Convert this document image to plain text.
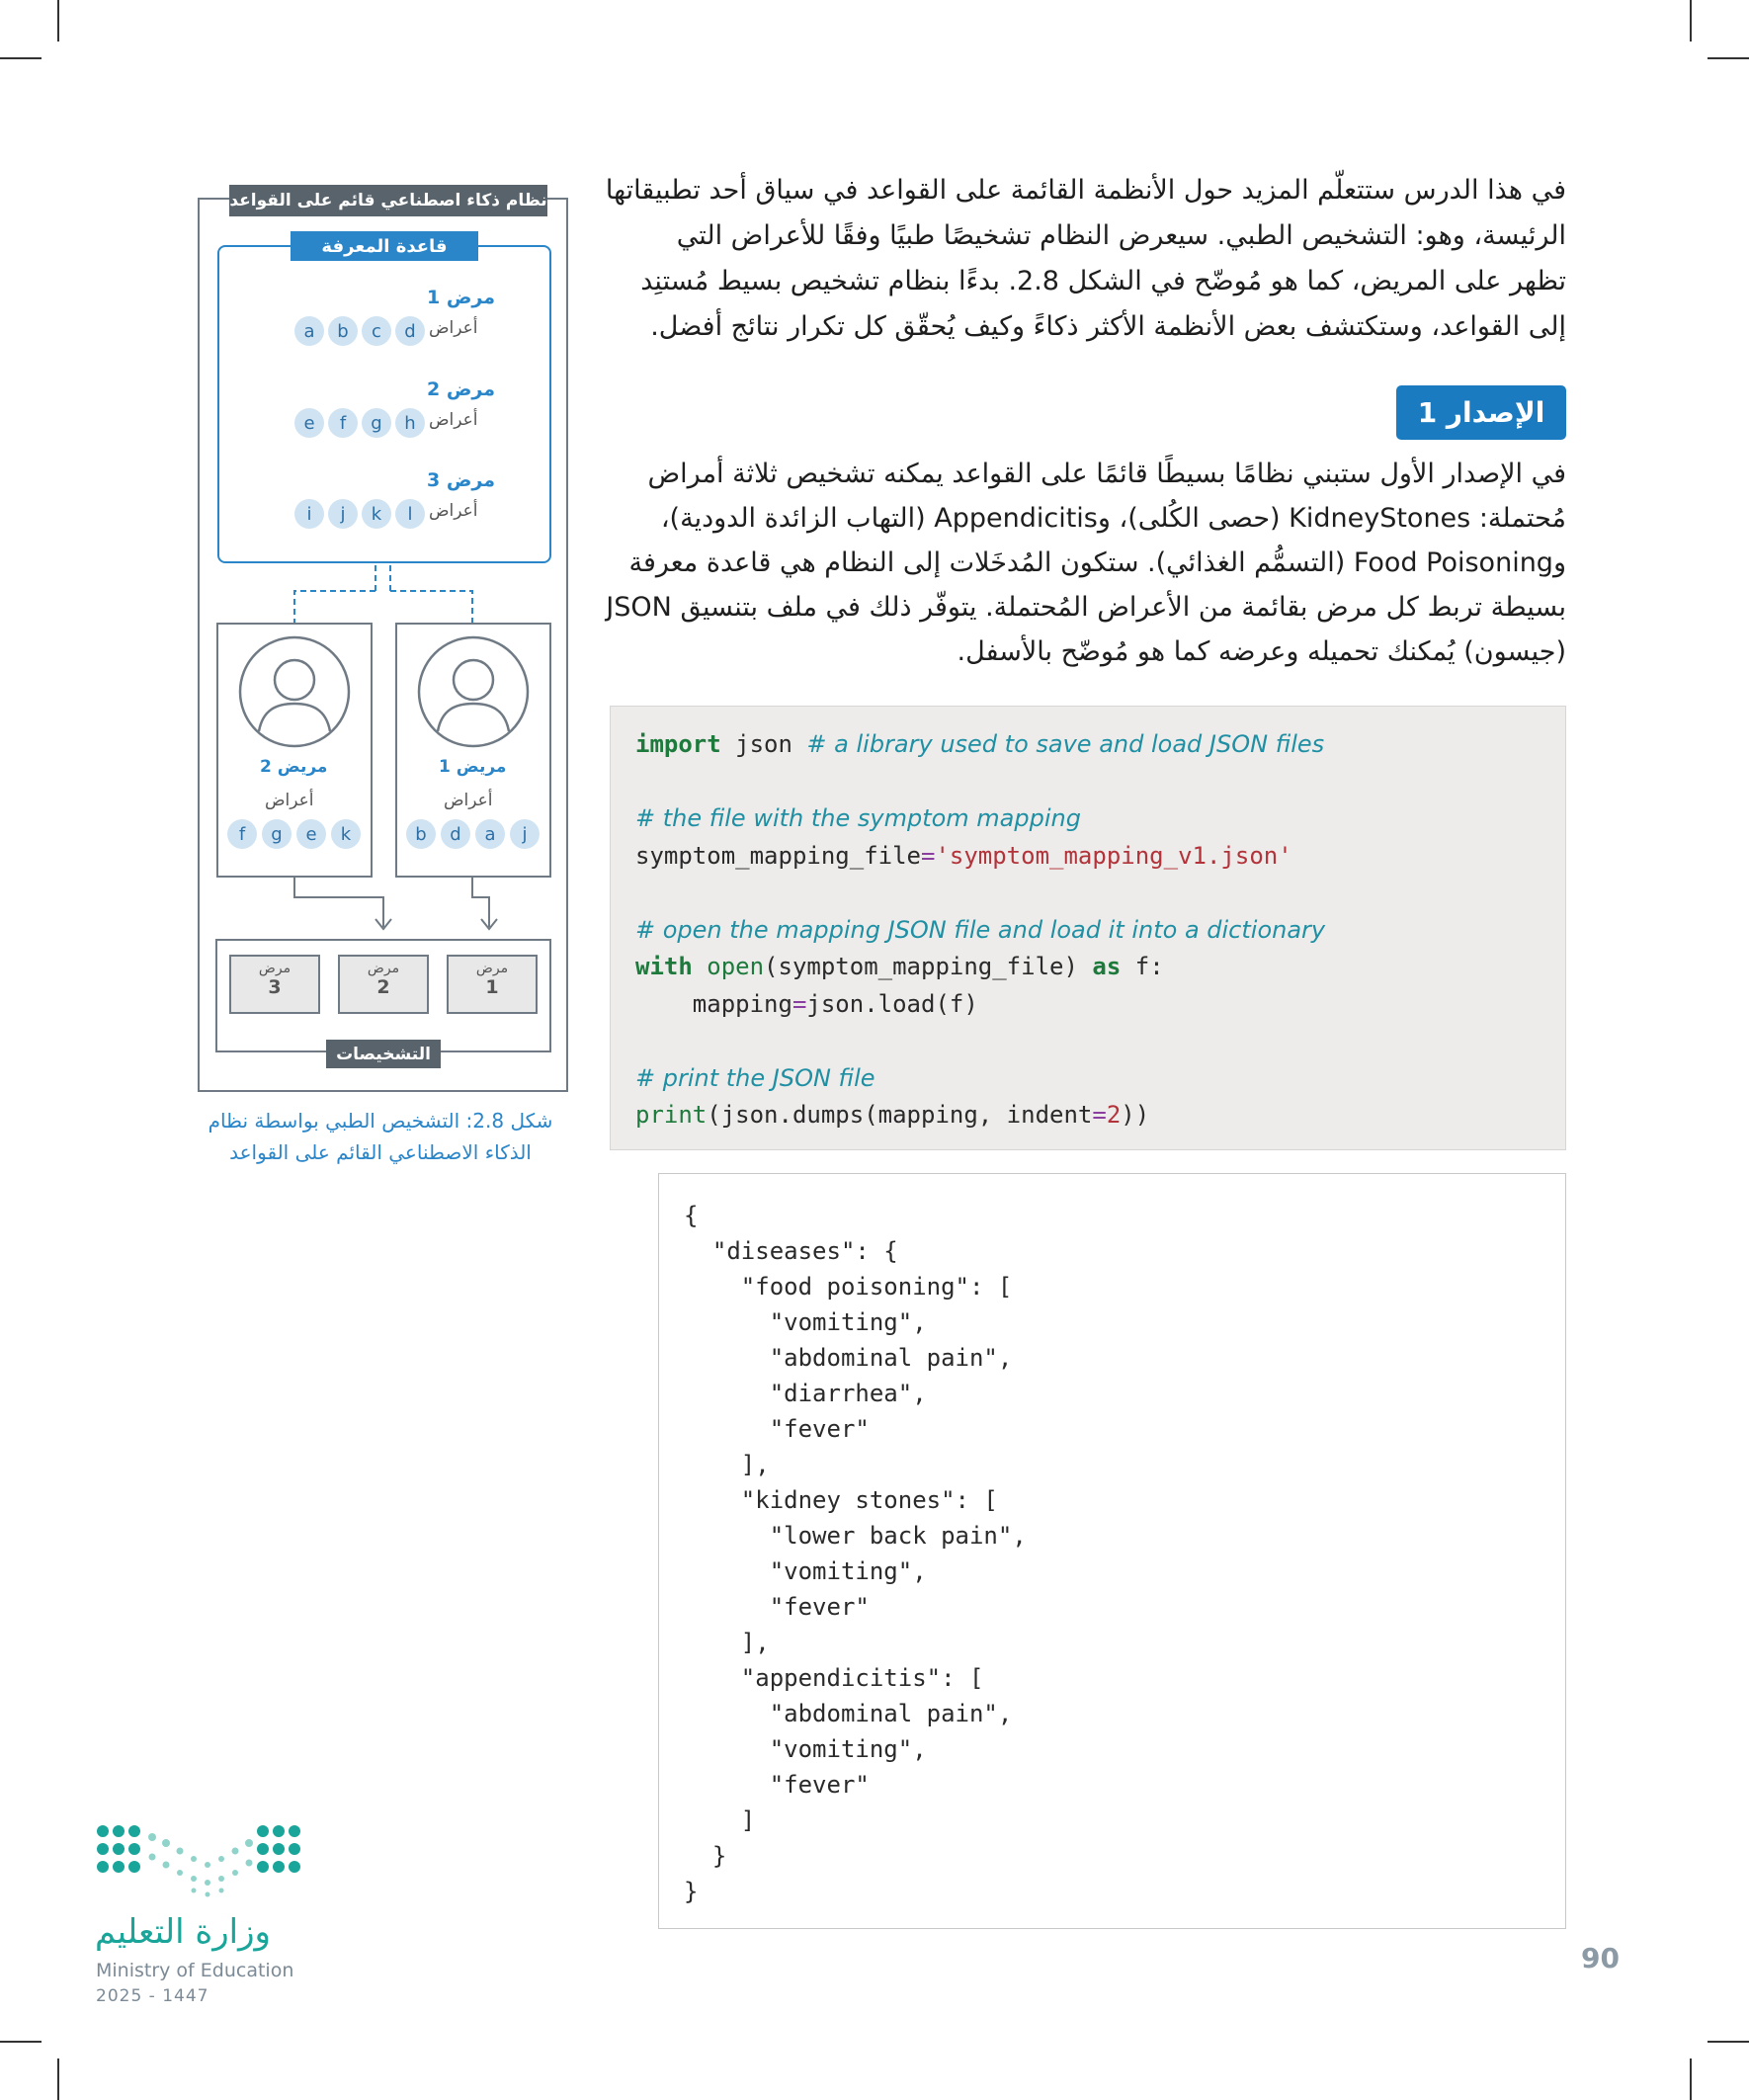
في هذا الدرس ستتعلّم المزيد حول الأنظمة القائمة على القواعد في سياق أحد تطبيقاتها

الرئيسة، وهو: التشخيص الطبي. سيعرض النظام تشخيصًا طبيًا وفقًا للأعراض التي

تظهر على المريض، كما هو مُوضّح في الشكل 2.8. بدءًا بنظام تشخيص بسيط مُستنِد

إلى القواعد، وستكتشف بعض الأنظمة الأكثر ذكاءً وكيف يُحقّق كل تكرار نتائج أفضل.

الإصدار 1

في الإصدار الأول ستبني نظامًا بسيطًا قائمًا على القواعد يمكنه تشخيص ثلاثة أمراض

مُحتملة: KidneyStones (حصى الكُلى)، وAppendicitis (التهاب الزائدة الدودية)،

وFood Poisoning (التسمُّم الغذائي). ستكون المُدخَلات إلى النظام هي قاعدة معرفة

بسيطة تربط كل مرض بقائمة من الأعراض المُحتملة. يتوفّر ذلك في ملف بتنسيق JSON

(جيسون) يُمكنك تحميله وعرضه كما هو مُوضّح بالأسفل.

import json # a library used to save and load JSON files
# the file with the symptom mapping
symptom_mapping_file='symptom_mapping_v1.json'
# open the mapping JSON file and load it into a dictionary
with open(symptom_mapping_file) as f:
mapping=json.load(f)
# print the JSON file
print(json.dumps(mapping, indent=2))
{
"diseases": {
"food poisoning": [
"vomiting",
"abdominal pain",
"diarrhea",
"fever"
],
"kidney stones": [
"lower back pain",
"vomiting",
"fever"
],
"appendicitis": [
"abdominal pain",
"vomiting",
"fever"
]
}
}
نظام ذكاء اصطناعي قائم على القواعد
قاعدة المعرفة
مرض 1
أعراض
a	b	c	d
مرض 2
أعراض
e	f	g	h
مرض 3
أعراض
i	j	k	l
مريض 2
أعراض
f	g	e	k
مريض 1
أعراض
b	d	a	j
مرض
3
مرض
2
مرض
1
التشخيصات
شكل 2.8: التشخيص الطبي بواسطة نظام
الذكاء الاصطناعي القائم على القواعد
وزارة التعليم
Ministry of Education
2025 - 1447
90
